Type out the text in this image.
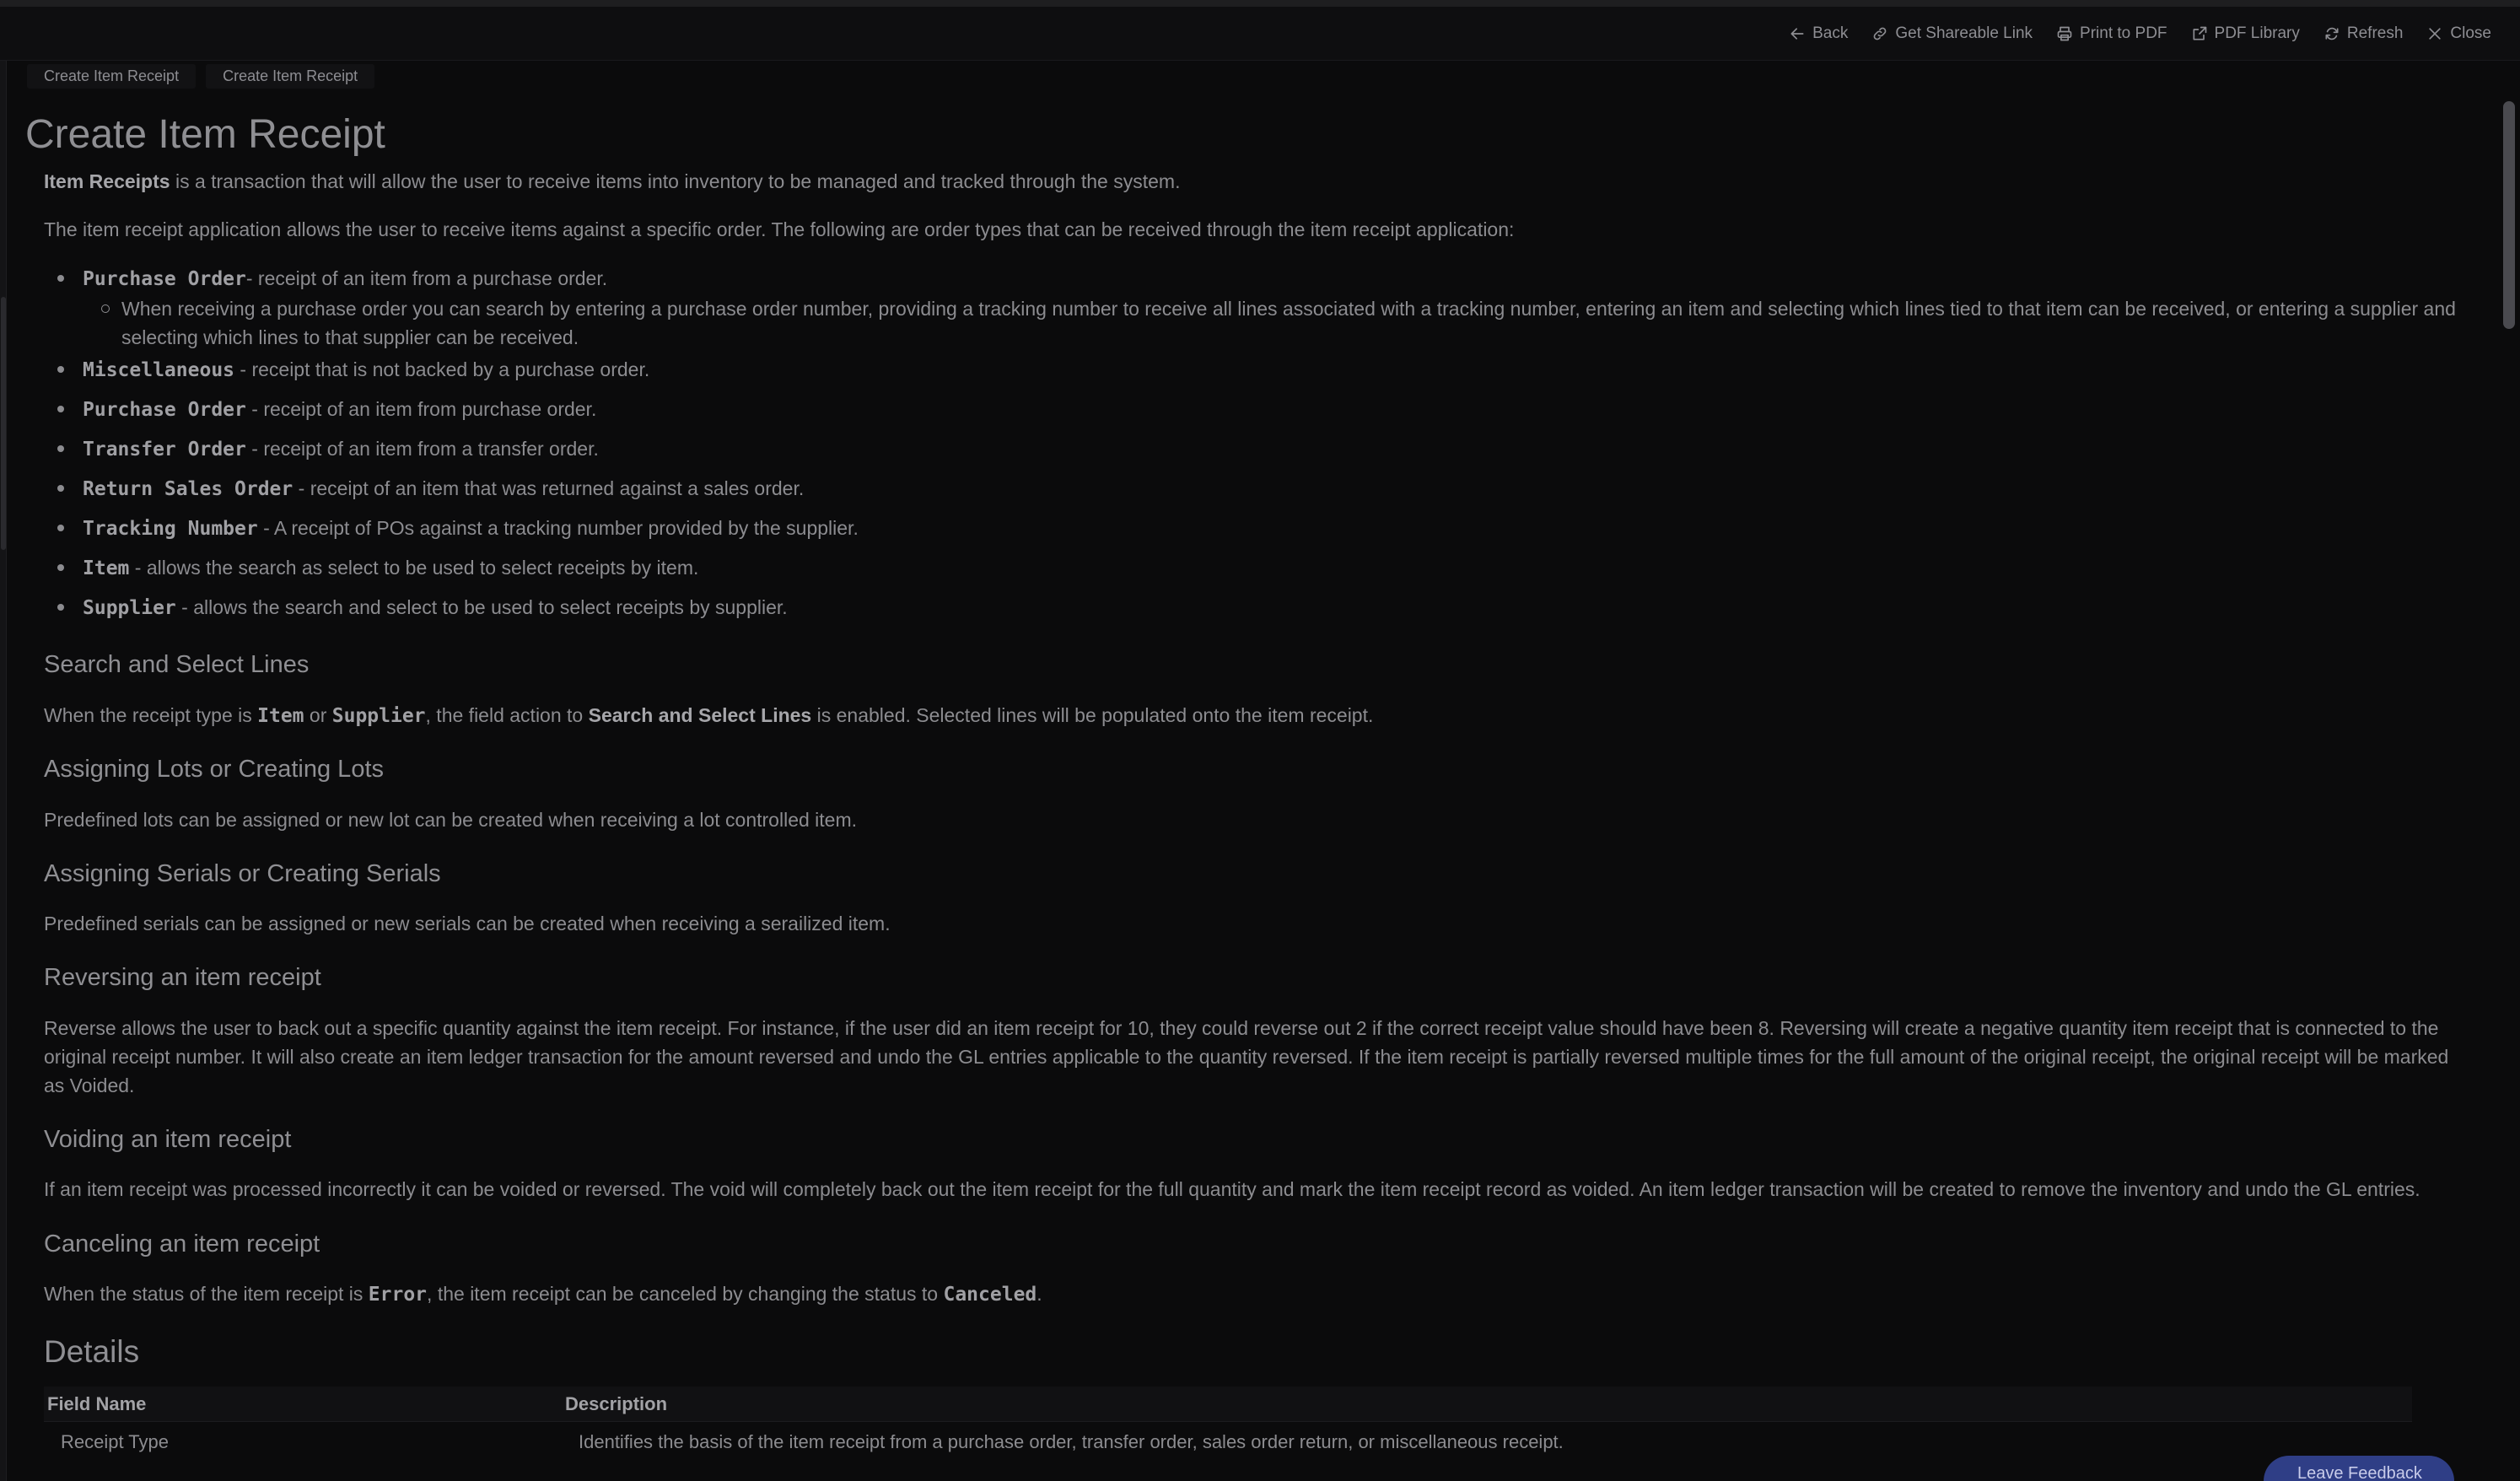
Back	Get Shareable Link	Print to PDF	PDF Library	Refresh	Close
Create Item Receipt	Create Item Receipt
Create Item Receipt

Item Receipts is a transaction that will allow the user to receive items into inventory to be managed and tracked through the system.

The item receipt application allows the user to receive items against a specific order. The following are order types that can be received through the item receipt application:

Purchase Order- receipt of an item from a purchase order.
When receiving a purchase order you can search by entering a purchase order number, providing a tracking number to receive all lines associated with a tracking number, entering an item and selecting which lines tied to that item can be received, or entering a supplier and selecting which lines to that supplier can be received.
Miscellaneous - receipt that is not backed by a purchase order.
Purchase Order - receipt of an item from purchase order.
Transfer Order - receipt of an item from a transfer order.
Return Sales Order - receipt of an item that was returned against a sales order.
Tracking Number - A receipt of POs against a tracking number provided by the supplier.
Item - allows the search as select to be used to select receipts by item.
Supplier - allows the search and select to be used to select receipts by supplier.
Search and Select Lines

When the receipt type is Item or Supplier, the field action to Search and Select Lines is enabled. Selected lines will be populated onto the item receipt.

Assigning Lots or Creating Lots

Predefined lots can be assigned or new lot can be created when receiving a lot controlled item.

Assigning Serials or Creating Serials

Predefined serials can be assigned or new serials can be created when receiving a serailized item.

Reversing an item receipt

Reverse allows the user to back out a specific quantity against the item receipt. For instance, if the user did an item receipt for 10, they could reverse out 2 if the correct receipt value should have been 8. Reversing will create a negative quantity item receipt that is connected to the original receipt number. It will also create an item ledger transaction for the amount reversed and undo the GL entries applicable to the quantity reversed. If the item receipt is partially reversed multiple times for the full amount of the original receipt, the original receipt will be marked as Voided.

Voiding an item receipt

If an item receipt was processed incorrectly it can be voided or reversed. The void will completely back out the item receipt for the full quantity and mark the item receipt record as voided. An item ledger transaction will be created to remove the inventory and undo the GL entries.

Canceling an item receipt

When the status of the item receipt is Error, the item receipt can be canceled by changing the status to Canceled.

Details
Field Name	Description
Receipt Type	Identifies the basis of the item receipt from a purchase order, transfer order, sales order return, or miscellaneous receipt.
Leave Feedback
